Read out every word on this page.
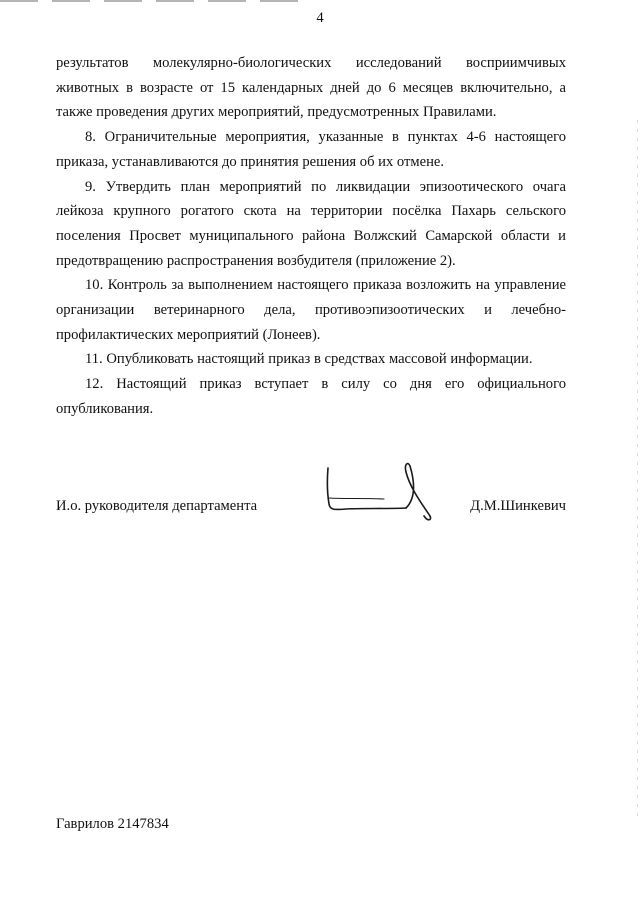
4

результатов молекулярно-биологических исследований восприимчивых животных в возрасте от 15 календарных дней до 6 месяцев включительно, а также проведения других мероприятий, предусмотренных Правилами.

8. Ограничительные мероприятия, указанные в пунктах 4-6 настоящего приказа, устанавливаются до принятия решения об их отмене.

9. Утвердить план мероприятий по ликвидации эпизоотического очага лейкоза крупного рогатого скота на территории посёлка Пахарь сельского поселения Просвет муниципального района Волжский Самарской области и предотвращению распространения возбудителя (приложение 2).

10. Контроль за выполнением настоящего приказа возложить на управление организации ветеринарного дела, противоэпизоотических и лечебно-профилактических мероприятий (Лонеев).

11. Опубликовать настоящий приказ в средствах массовой информации.

12. Настоящий приказ вступает в силу со дня его официального опубликования.

И.о. руководителя департамента	Д.М.Шинкевич
Гаврилов 2147834
